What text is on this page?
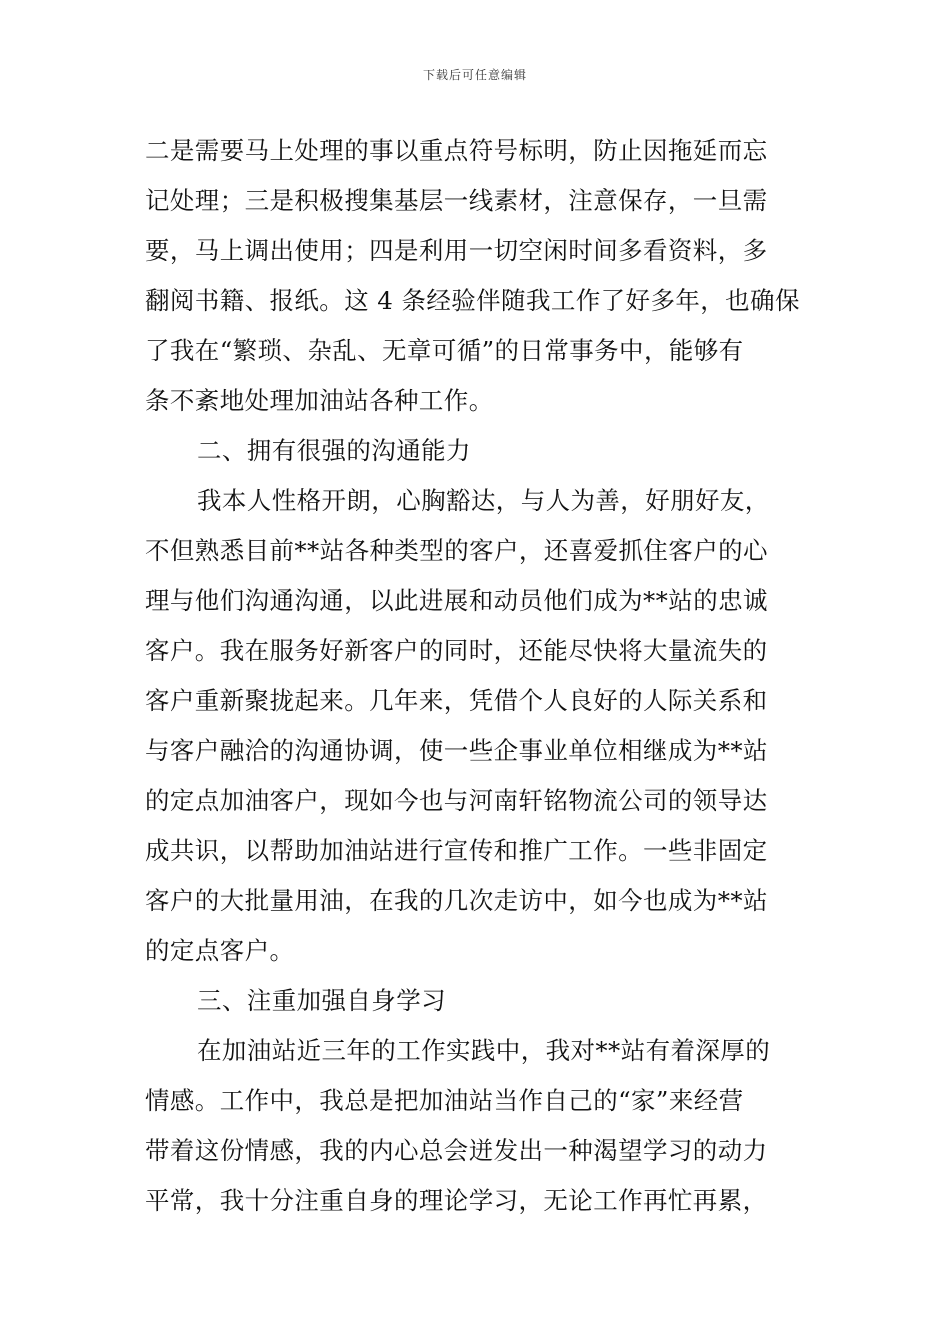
下载后可任意编辑
二是需要马上处理的事以重点符号标明，防止因拖延而忘
记处理；三是积极搜集基层一线素材，注意保存，一旦需
要，马上调出使用；四是利用一切空闲时间多看资料，多
翻阅书籍、报纸。这 4 条经验伴随我工作了好多年，也确保
了我在“繁琐、杂乱、无章可循”的日常事务中，能够有
条不紊地处理加油站各种工作。
二、拥有很强的沟通能力
我本人性格开朗，心胸豁达，与人为善，好朋好友，
不但熟悉目前**站各种类型的客户，还喜爱抓住客户的心
理与他们沟通沟通，以此进展和动员他们成为**站的忠诚
客户。我在服务好新客户的同时，还能尽快将大量流失的
客户重新聚拢起来。几年来，凭借个人良好的人际关系和
与客户融洽的沟通协调，使一些企事业单位相继成为**站
的定点加油客户，现如今也与河南轩铭物流公司的领导达
成共识，以帮助加油站进行宣传和推广工作。一些非固定
客户的大批量用油，在我的几次走访中，如今也成为**站
的定点客户。
三、注重加强自身学习
在加油站近三年的工作实践中，我对**站有着深厚的
情感。工作中，我总是把加油站当作自己的“家”来经营
带着这份情感，我的内心总会迸发出一种渴望学习的动力
平常，我十分注重自身的理论学习，无论工作再忙再累，
